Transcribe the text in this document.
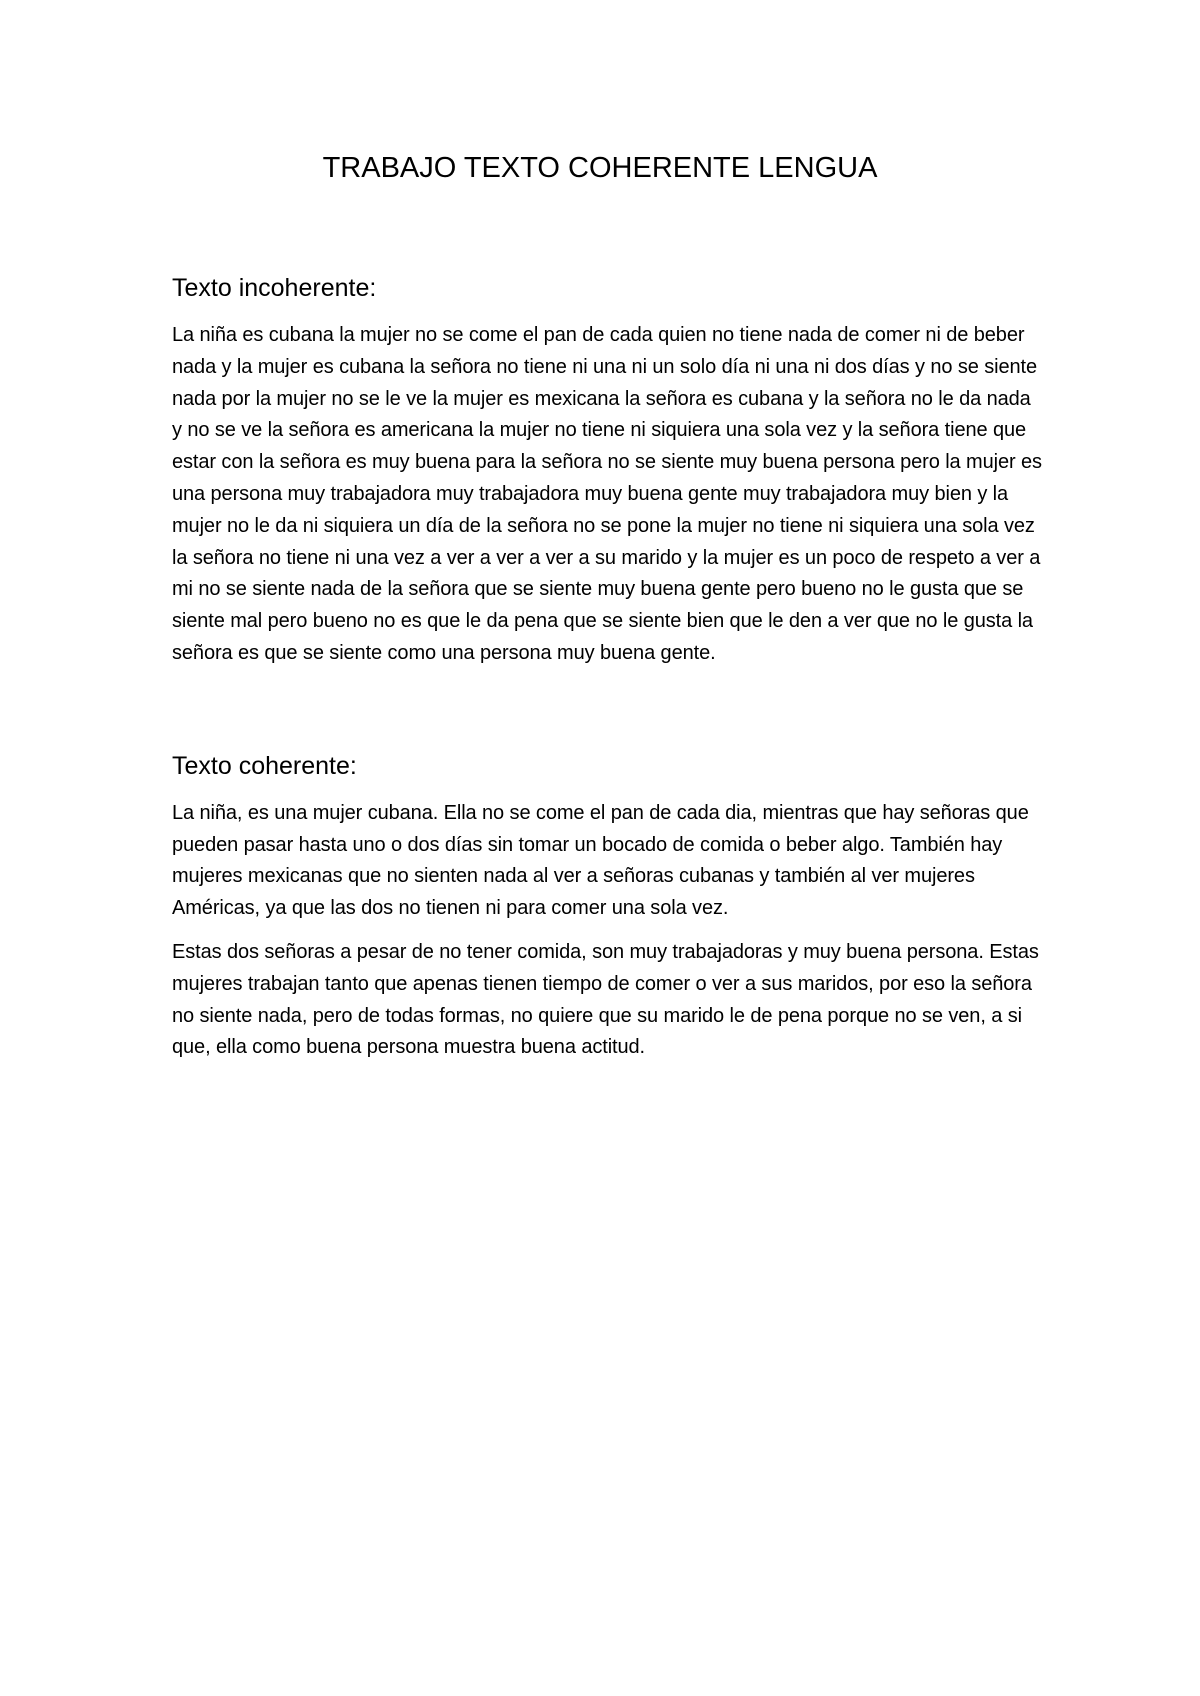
TRABAJO TEXTO COHERENTE LENGUA
Texto incoherente:

La niña es cubana la mujer no se come el pan de cada quien no tiene nada de comer ni de beber nada y la mujer es cubana la señora no tiene ni una ni un solo día ni una ni dos días y no se siente nada por la mujer no se le ve la mujer es mexicana la señora es cubana y la señora no le da nada y no se ve la señora es americana la mujer no tiene ni siquiera una sola vez y la señora tiene que estar con la señora es muy buena para la señora no se siente muy buena persona pero la mujer es una persona muy trabajadora muy trabajadora muy buena gente muy trabajadora muy bien y la mujer no le da ni siquiera un día de la señora no se pone la mujer no tiene ni siquiera una sola vez la señora no tiene ni una vez a ver a ver a ver a su marido y la mujer es un poco de respeto a ver a mi no se siente nada de la señora que se siente muy buena gente pero bueno no le gusta que se siente mal pero bueno no es que le da pena que se siente bien que le den a ver que no le gusta la señora es que se siente como una persona muy buena gente.

Texto coherente:

La niña, es una mujer cubana. Ella no se come el pan de cada dia, mientras que hay señoras que pueden pasar hasta uno o dos días sin tomar un bocado de comida o beber algo. También hay mujeres mexicanas que no sienten nada al ver a señoras cubanas y también al ver mujeres Américas, ya que las dos no tienen ni para comer una sola vez.

Estas dos señoras a pesar de no tener comida, son muy trabajadoras y muy buena persona. Estas mujeres trabajan tanto que apenas tienen tiempo de comer o ver a sus maridos, por eso la señora no siente nada, pero de todas formas, no quiere que su marido le de pena porque no se ven, a si que, ella como buena persona muestra buena actitud.
